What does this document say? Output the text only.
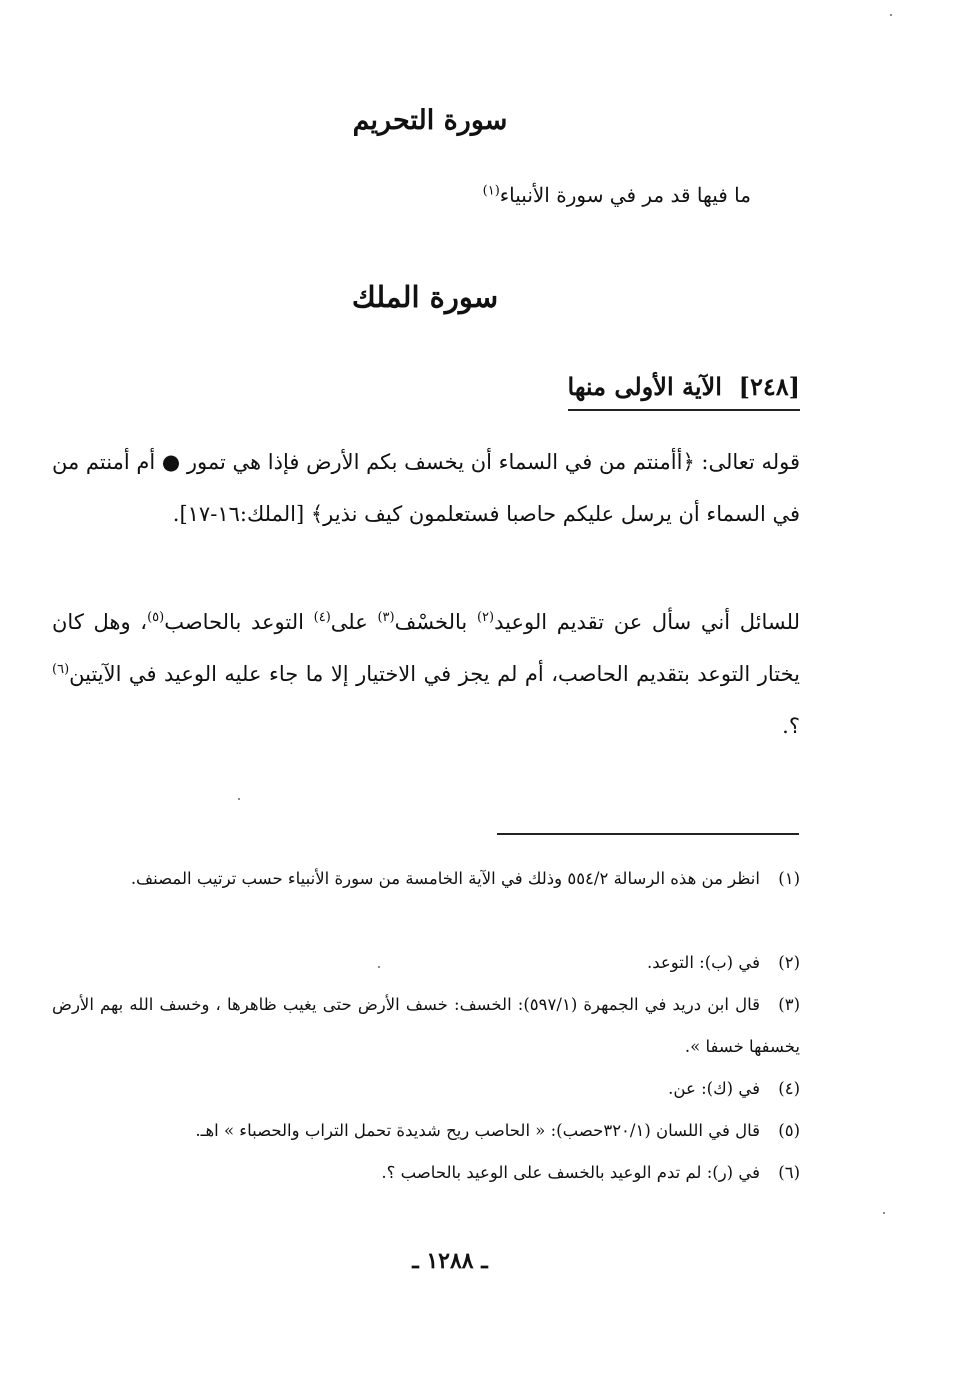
سورة التحريم
ما فيها قد مر في سورة الأنبياء$^{(١)}$
سورة الملك
[٢٤٨]  الآية الأولى منها
قوله تعالى: ﴿أأمنتم من في السماء أن يخسف بكم الأرض فإذا هي تمور ● أم أمنتم من في السماء أن يرسل عليكم حاصبا فستعلمون كيف نذير﴾ [الملك:١٦-١٧].
للسائل أني سأل عن تقديم الوعيد$^{(٢)}$ بالخسْف$^{(٣)}$ على$^{(٤)}$ التوعد بالحاصب$^{(٥)}$، وهل كان يختار التوعد بتقديم الحاصب، أم لم يجز في الاختيار إلا ما جاء عليه الوعيد في الآيتين$^{(٦)}$ ؟.
(١)انظر من هذه الرسالة ٥٥٤/٢ وذلك في الآية الخامسة من سورة الأنبياء حسب ترتيب المصنف.
(٢)في (ب): التوعد.
(٣)قال ابن دريد في الجمهرة (٥٩٧/١): الخسف: خسف الأرض حتى يغيب ظاهرها ، وخسف الله بهم الأرض يخسفها خسفا ».
(٤)في (ك): عن.
(٥)قال في اللسان (٣٢٠/١حصب): « الحاصب ريح شديدة تحمل التراب والحصباء » اهـ.
(٦)في (ر): لم تدم الوعيد بالخسف على الوعيد بالحاصب ؟.
ـ ١٢٨٨ ـ
